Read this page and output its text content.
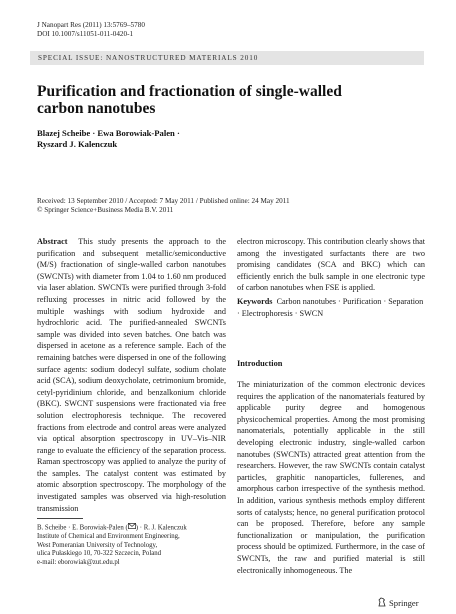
J Nanopart Res (2011) 13:5769–5780
DOI 10.1007/s11051-011-0420-1
SPECIAL ISSUE: NANOSTRUCTURED MATERIALS 2010
Purification and fractionation of single-walled
carbon nanotubes
Blazej Scheibe · Ewa Borowiak-Palen ·
Ryszard J. Kalenczuk
Received: 13 September 2010 / Accepted: 7 May 2011 / Published online: 24 May 2011
© Springer Science+Business Media B.V. 2011
Abstract This study presents the approach to the purification and subsequent metallic/semiconductive (M/S) fractionation of single-walled carbon nanotubes (SWCNTs) with diameter from 1.04 to 1.60 nm produced via laser ablation. SWCNTs were purified through 3-fold refluxing processes in nitric acid followed by the multiple washings with sodium hydroxide and hydrochloric acid. The purified-annealed SWCNTs sample was divided into seven batches. One batch was dispersed in acetone as a reference sample. Each of the remaining batches were dispersed in one of the following surface agents: sodium dodecyl sulfate, sodium cholate acid (SCA), sodium deoxycholate, cetrimonium bromide, cetyl-pyridinium chloride, and benzalkonium chloride (BKC). SWCNT suspensions were fractionated via free solution electrophoresis technique. The recovered fractions from electrode and control areas were analyzed via optical absorption spectroscopy in UV–Vis–NIR range to evaluate the efficiency of the separation process. Raman spectroscopy was applied to analyze the purity of the samples. The catalyst content was estimated by atomic absorption spectroscopy. The morphology of the investigated samples was observed via high-resolution transmission
electron microscopy. This contribution clearly shows that among the investigated surfactants there are two promising candidates (SCA and BKC) which can efficiently enrich the bulk sample in one electronic type of carbon nanotubes when FSE is applied.
Keywords Carbon nanotubes · Purification · Separation · Electrophoresis · SWCN
Introduction
The miniaturization of the common electronic devices requires the application of the nanomaterials featured by applicable purity degree and homogenous physicochemical properties. Among the most promising nanomaterials, potentially applicable in the still developing electronic industry, single-walled carbon nanotubes (SWCNTs) attracted great attention from the researchers. However, the raw SWCNTs contain catalyst particles, graphitic nanoparticles, fullerenes, and amorphous carbon irrespective of the synthesis method. In addition, various synthesis methods employ different sorts of catalysts; hence, no general purification protocol can be proposed. Therefore, before any sample functionalization or manipulation, the purification process should be optimized. Furthermore, in the case of SWCNTs, the raw and purified material is still electronically inhomogeneous. The
B. Scheibe · E. Borowiak-Palen ( ) · R. J. Kalenczuk
Institute of Chemical and Environment Engineering,
West Pomeranian University of Technology,
ulica Pułaskiego 10, 70-322 Szczecin, Poland
e-mail: eborowiak@zut.edu.pl
Springer
